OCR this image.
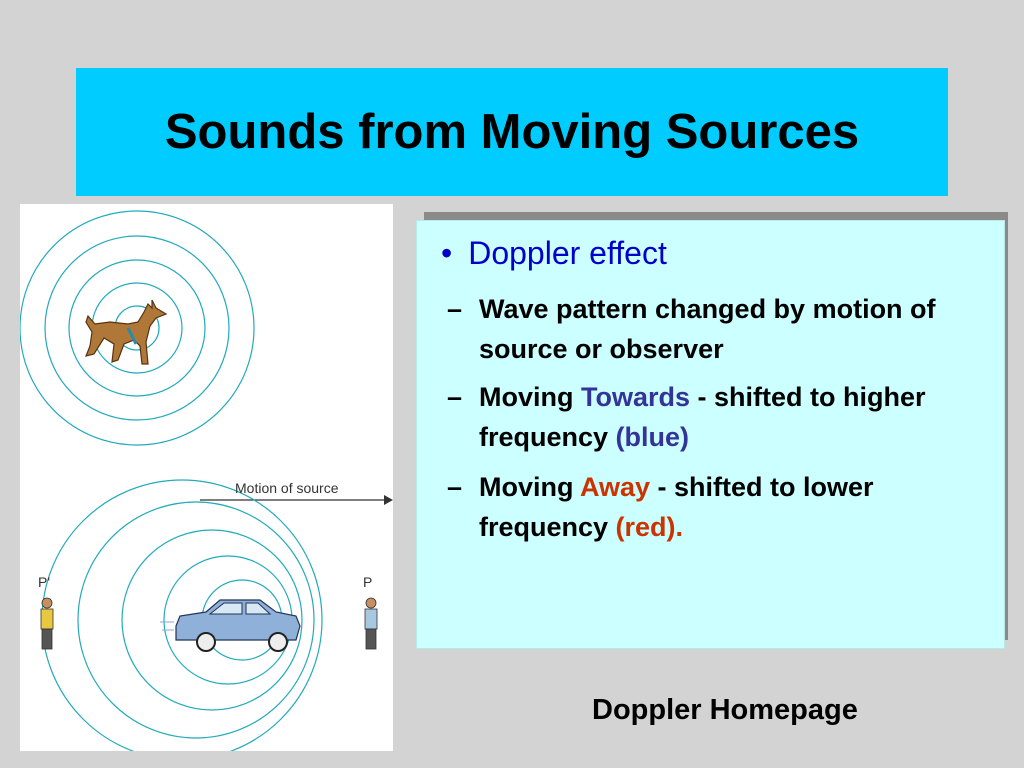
Sounds from Moving Sources
Motion of source
P'	P
• Doppler effect
– Wave pattern changed by motion of source or observer
– Moving Towards - shifted to higher frequency (blue)
– Moving Away - shifted to lower frequency (red).
Doppler Homepage
